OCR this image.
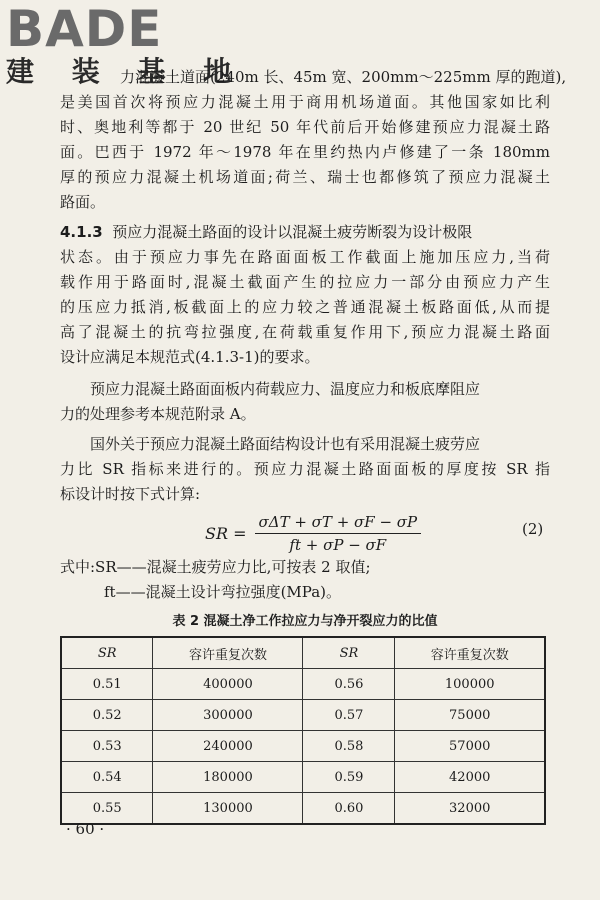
BADE
建 装 基 地
力混凝土道面(240m 长、45m 宽、200mm～225mm 厚的跑道),
是美国首次将预应力混凝土用于商用机场道面。其他国家如比利
时、奥地利等都于 20 世纪 50 年代前后开始修建预应力混凝土路
面。巴西于 1972 年～1978 年在里约热内卢修建了一条 180mm
厚的预应力混凝土机场道面;荷兰、瑞士也都修筑了预应力混凝土
路面。
4.1.3 预应力混凝土路面的设计以混凝土疲劳断裂为设计极限
状态。由于预应力事先在路面面板工作截面上施加压应力,当荷
载作用于路面时,混凝土截面产生的拉应力一部分由预应力产生
的压应力抵消,板截面上的应力较之普通混凝土板路面低,从而提
高了混凝土的抗弯拉强度,在荷载重复作用下,预应力混凝土路面
设计应满足本规范式(4.1.3-1)的要求。
预应力混凝土路面面板内荷载应力、温度应力和板底摩阻应
力的处理参考本规范附录 A。
国外关于预应力混凝土路面结构设计也有采用混凝土疲劳应
力比 SR 指标来进行的。预应力混凝土路面面板的厚度按 SR 指
标设计时按下式计算:
SR = $\frac{\text{σΔT + σT + σF − σP}}{ft + \sigma P - \sigma F}$	(2)
式中:SR——混凝土疲劳应力比,可按表 2 取值;
ft——混凝土设计弯拉强度(MPa)。
表 2 混凝土净工作拉应力与净开裂应力的比值
SR	容许重复次数	SR	容许重复次数
0.51	400000	0.56	100000
0.52	300000	0.57	75000
0.53	240000	0.58	57000
0.54	180000	0.59	42000
0.55	130000	0.60	32000
· 60 ·
